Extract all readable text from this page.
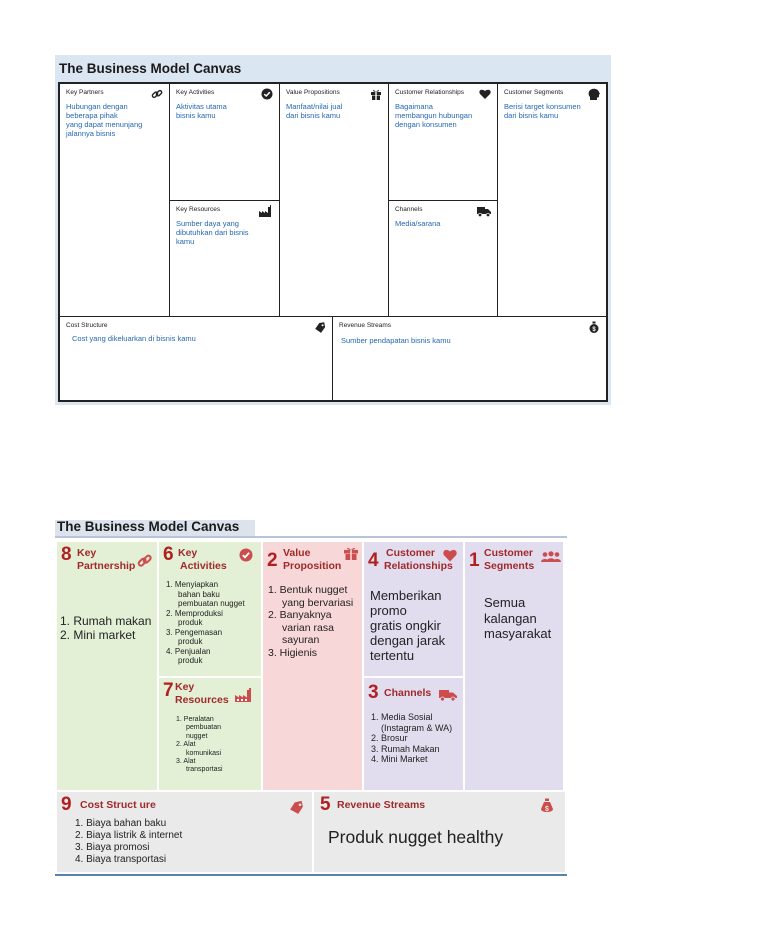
The Business Model Canvas
Key Partners
Hubungan dengan
beberapa pihak
yang dapat menunjang
jalannya bisnis
Key Activities
Aktivitas utama
bisnis kamu
Key Resources
Sumber daya yang
dibutuhkan dari bisnis
kamu
Value Propositions
Manfaat/nilai jual
dari bisnis kamu
Customer Relationships
Bagaimana
membangun hubungan
dengan konsumen
Channels
Media/sarana
Customer Segments
Berisi target konsumen
dari bisnis kamu
Cost Structure
Cost yang dikeluarkan di bisnis kamu
Revenue Streams
$
Sumber pendapatan bisnis kamu
The Business Model Canvas
8 Key
Partnership
1. Rumah makan
2. Mini market
6 Key
Activities
1. Menyiapkan
bahan baku
pembuatan nugget
2. Memproduksi
produk
3. Pengemasan
produk
4. Penjualan
produk
7 Key
Resources
1. Peralatan
pembuatan
nugget
2. Alat
komunikasi
3. Alat
transportasi
2 Value
Proposition
1. Bentuk nugget
yang bervariasi
2. Banyaknya
varian rasa
sayuran
3. Higienis
4 Customer
Relationships
Memberikan
promo
gratis ongkir
dengan jarak
tertentu
3 Channels
1. Media Sosial
(Instagram & WA)
2. Brosur
3. Rumah Makan
4. Mini Market
1 Customer
Segments
Semua
kalangan
masyarakat
9 Cost Struct ure
1. Biaya bahan baku
2. Biaya listrik & internet
3. Biaya promosi
4. Biaya transportasi
5 Revenue Streams	$
Produk nugget healthy
